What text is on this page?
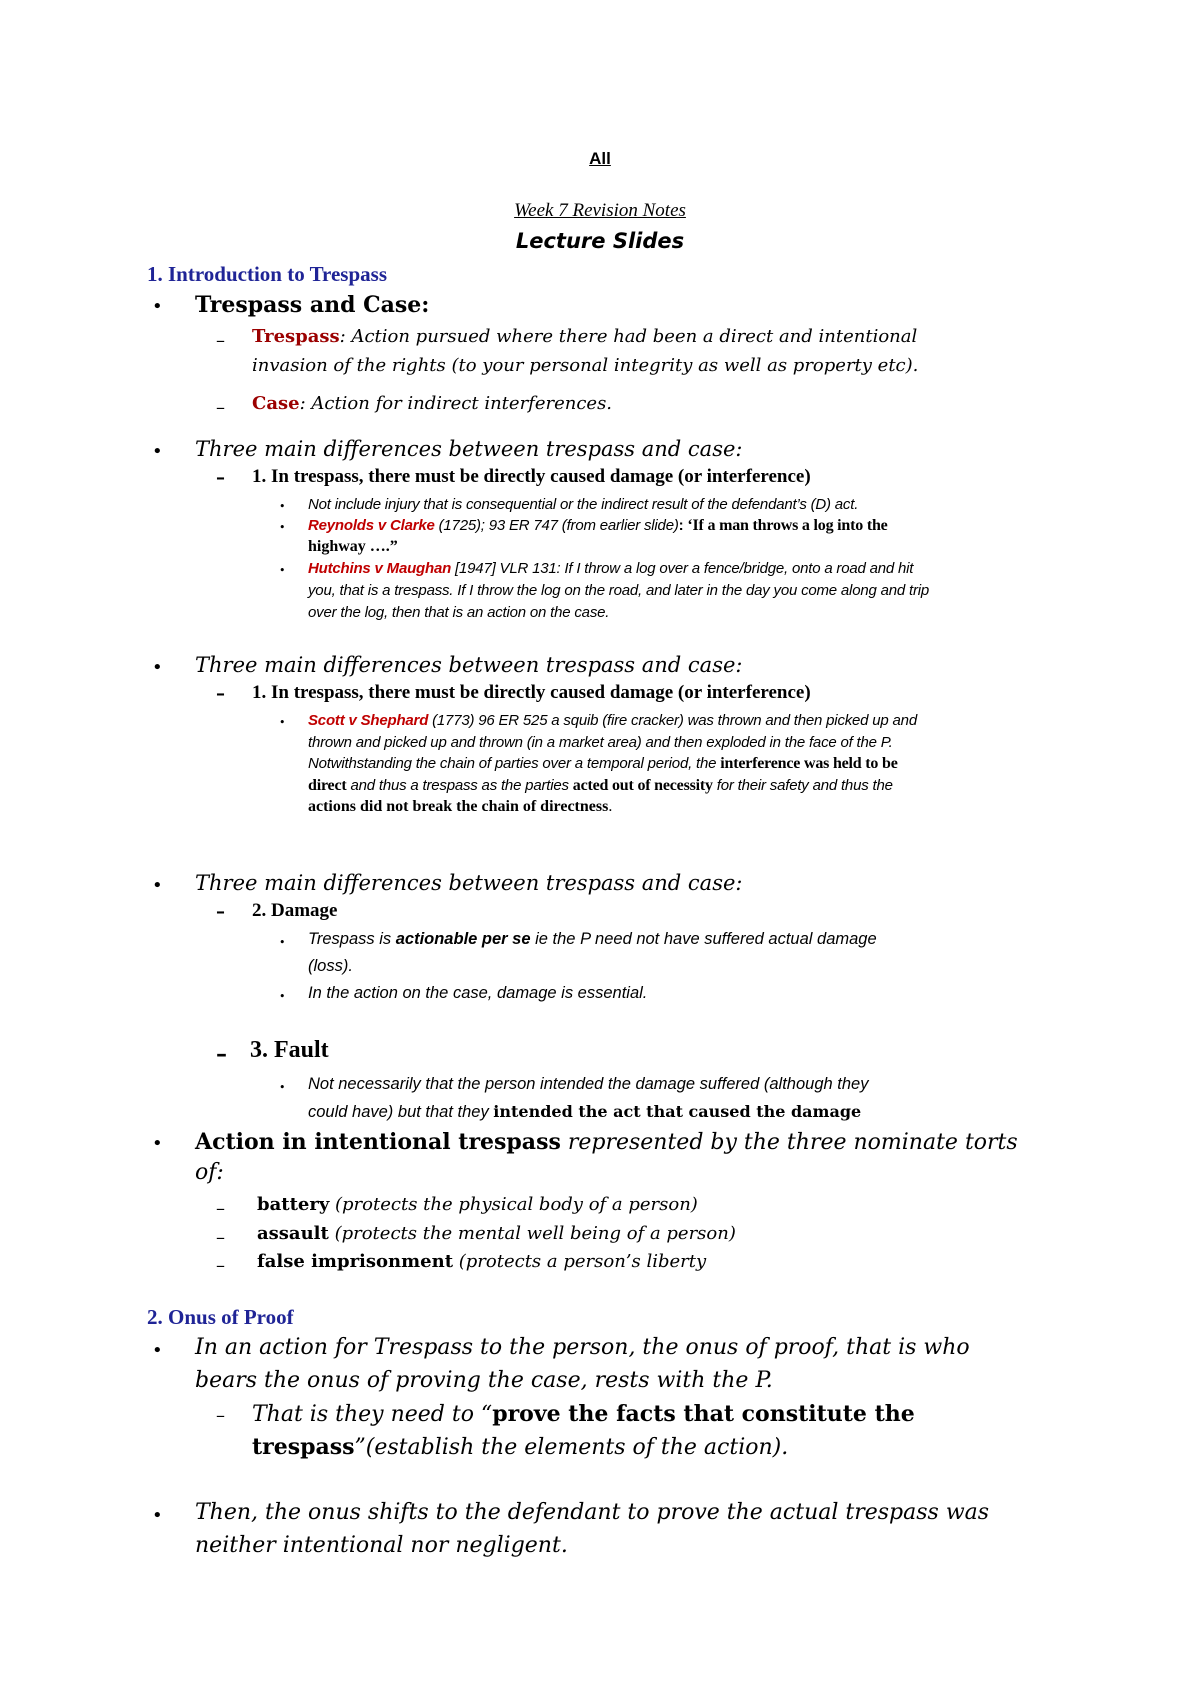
All
Week 7 Revision Notes
Lecture Slides
1. Introduction to Trespass
• Trespass and Case:
– Trespass: Action pursued where there had been a direct and intentional
invasion of the rights (to your personal integrity as well as property etc).
– Case: Action for indirect interferences.
• Three main differences between trespass and case:
– 1. In trespass, there must be directly caused damage (or interference)
• Not include injury that is consequential or the indirect result of the defendant’s (D) act.
• Reynolds v Clarke (1725); 93 ER 747 (from earlier slide): ‘If a man throws a log into the
highway ….”
• Hutchins v Maughan [1947] VLR 131: If I throw a log over a fence/bridge, onto a road and hit
you, that is a trespass. If I throw the log on the road, and later in the day you come along and trip
over the log, then that is an action on the case.
• Three main differences between trespass and case:
– 1. In trespass, there must be directly caused damage (or interference)
• Scott v Shephard (1773) 96 ER 525 a squib (fire cracker) was thrown and then picked up and
thrown and picked up and thrown (in a market area) and then exploded in the face of the P.
Notwithstanding the chain of parties over a temporal period, the interference was held to be
direct and thus a trespass as the parties acted out of necessity for their safety and thus the
actions did not break the chain of directness.
• Three main differences between trespass and case:
– 2. Damage
• Trespass is actionable per se ie the P need not have suffered actual damage
(loss).
• In the action on the case, damage is essential.
– 3. Fault
• Not necessarily that the person intended the damage suffered (although they
could have) but that they intended the act that caused the damage
• Action in intentional trespass represented by the three nominate torts
of:
– battery (protects the physical body of a person)
– assault (protects the mental well being of a person)
– false imprisonment (protects a person’s liberty
2. Onus of Proof
• In an action for Trespass to the person, the onus of proof, that is who
bears the onus of proving the case, rests with the P.
– That is they need to “prove the facts that constitute the
trespass”(establish the elements of the action).
• Then, the onus shifts to the defendant to prove the actual trespass was
neither intentional nor negligent.
